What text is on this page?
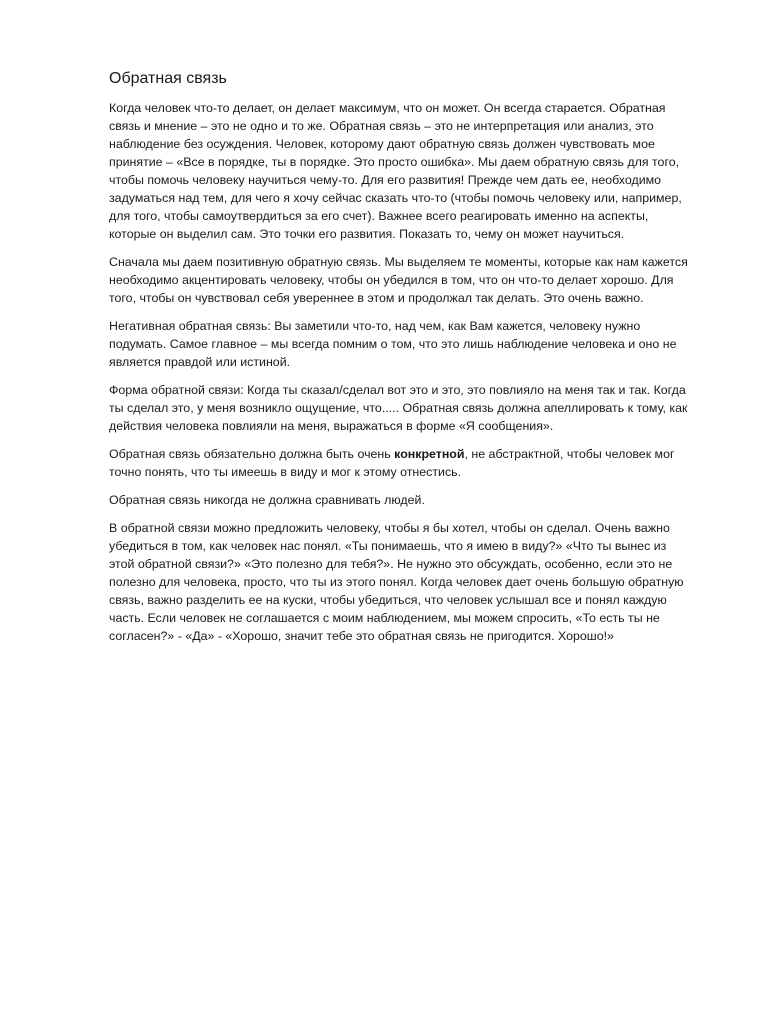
Обратная связь

Когда человек что-то делает, он делает максимум, что он может. Он всегда старается. Обратная связь и мнение – это не одно и то же. Обратная связь – это не интерпретация или анализ, это наблюдение без осуждения. Человек, которому дают обратную связь должен чувствовать мое принятие – «Все в порядке, ты в порядке. Это просто ошибка». Мы даем обратную связь для того, чтобы помочь человеку научиться чему-то. Для его развития! Прежде чем дать ее, необходимо задуматься над тем, для чего я хочу сейчас сказать что-то (чтобы помочь человеку или, например, для того, чтобы самоутвердиться за его счет). Важнее всего реагировать именно на аспекты, которые он выделил сам. Это точки его развития. Показать то, чему он может научиться.

Сначала мы даем позитивную обратную связь. Мы выделяем те моменты, которые как нам кажется необходимо акцентировать человеку, чтобы он убедился в том, что он что-то делает хорошо. Для того, чтобы он чувствовал себя увереннее в этом и продолжал так делать. Это очень важно.

Негативная обратная связь: Вы заметили что-то, над чем, как Вам кажется, человеку нужно подумать. Самое главное – мы всегда помним о том, что это лишь наблюдение человека и оно не является правдой или истиной.

Форма обратной связи: Когда ты сказал/сделал вот это и это, это повлияло на меня так и так. Когда ты сделал это, у меня возникло ощущение, что..... Обратная связь должна апеллировать к тому, как действия человека повлияли на меня, выражаться в форме «Я сообщения».

Обратная связь обязательно должна быть очень конкретной, не абстрактной, чтобы человек мог точно понять, что ты имеешь в виду и мог к этому отнестись.

Обратная связь никогда не должна сравнивать людей.

В обратной связи можно предложить человеку, чтобы я бы хотел, чтобы он сделал. Очень важно убедиться в том, как человек нас понял. «Ты понимаешь, что я имею в виду?» «Что ты вынес из этой обратной связи?» «Это полезно для тебя?». Не нужно это обсуждать, особенно, если это не полезно для человека, просто, что ты из этого понял. Когда человек дает очень большую обратную связь, важно разделить ее на куски, чтобы убедиться, что человек услышал все и понял каждую часть. Если человек не соглашается с моим наблюдением, мы можем спросить, «То есть ты не согласен?» - «Да» - «Хорошо, значит тебе это обратная связь не пригодится. Хорошо!»
